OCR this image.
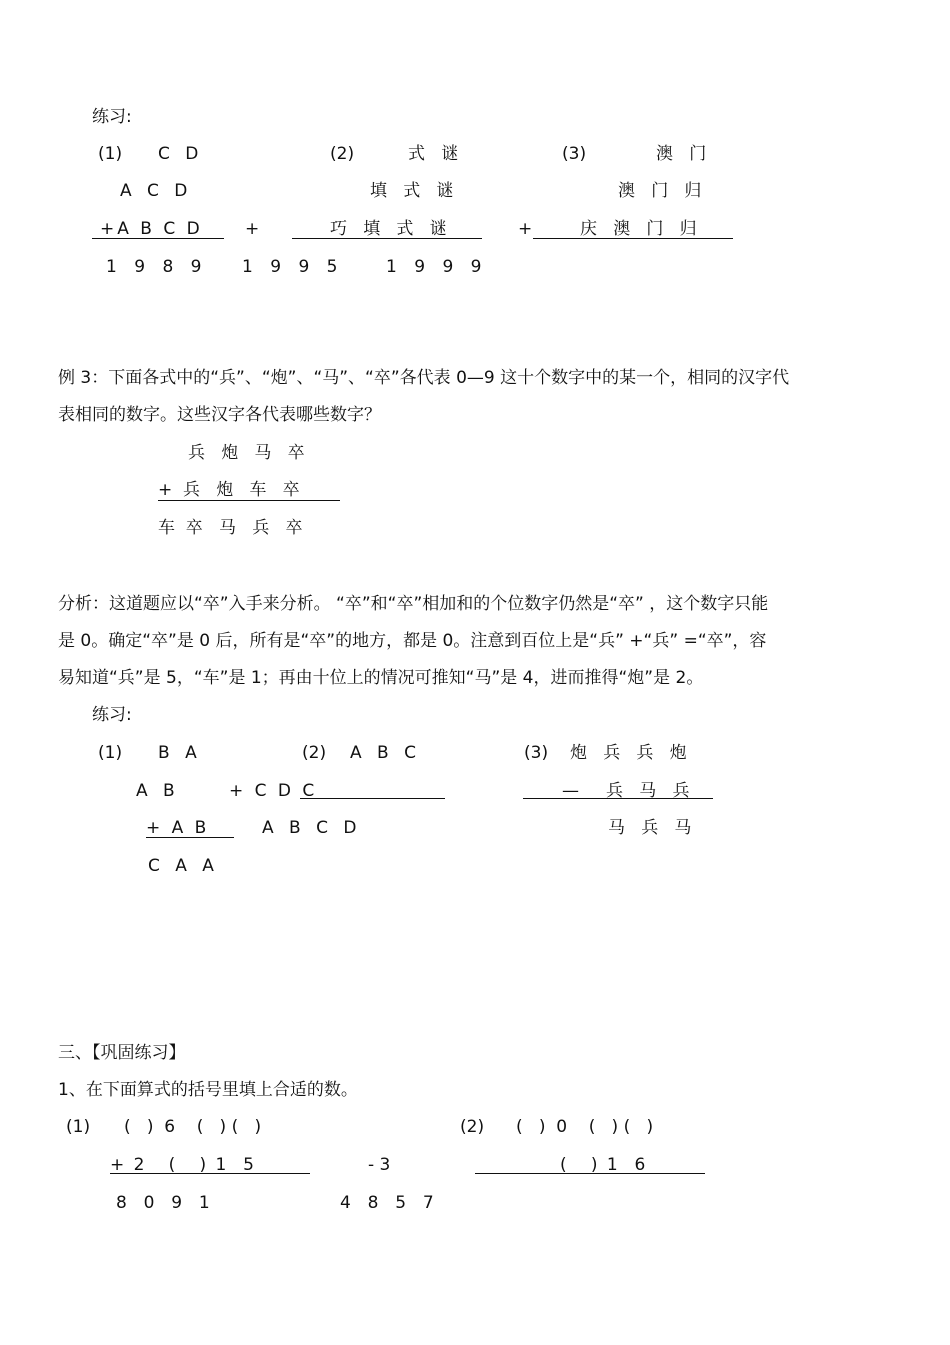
练习:
(1) C D
A C D
+A B C D
1 9 8 9
(2)	式   谜
填   式   谜
+	巧   填   式   谜
1 9 9 5
(3)	澳   门
澳   门   归
+	庆   澳   门   归
1 9 9 9
例 3：下面各式中的“兵”、“炮”、“马”、“卒”各代表 0—9 这十个数字中的某一个，相同的汉字代
表相同的数字。这些汉字各代表哪些数字？
兵   炮   马   卒
+  兵   炮   车   卒
车  卒   马   兵   卒
分析：这道题应以“卒”入手来分析。 “卒”和“卒”相加和的个位数字仍然是“卒” ，这个数字只能
是 0。确定“卒”是 0 后，所有是“卒”的地方，都是 0。注意到百位上是“兵” +“兵” =“卒”，容
易知道“兵”是 5，“车”是 1；再由十位上的情况可推知“马”是 4，进而推得“炮”是 2。
练习:
(1) B A
A B
+ A B
C A A
(2) A B C
+ C D C
A B C D
(3) 炮   兵   兵   炮
—     兵   马   兵
马   兵   马
三、【巩固练习】
1、在下面算式的括号里填上合适的数。
(1) (   )  6    (   ) (   )
+ 2   (   ) 1  5
8  0  9  1
- 3
4  8  5  7
(2) (   )  0    (   ) (   )
(   ) 1  6
